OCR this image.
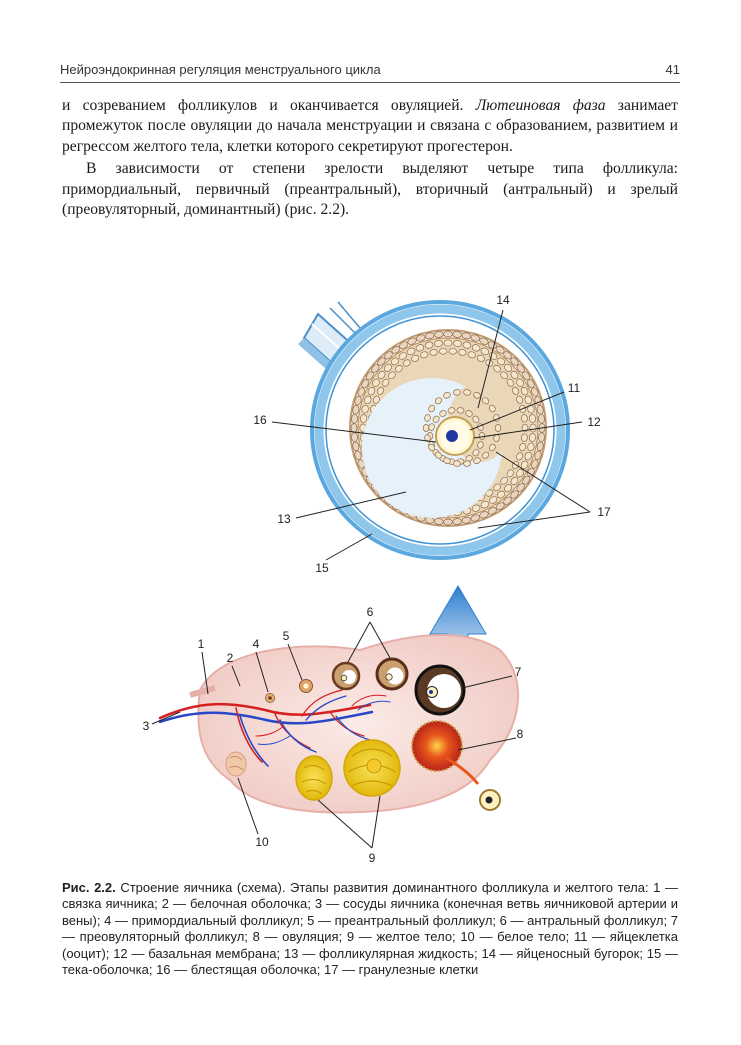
Нейроэндокринная регуляция менструального цикла	41

и созреванием фолликулов и оканчивается овуляцией. Лютеиновая фаза занимает промежуток после овуляции до начала менструации и связана с образованием, развитием и регрессом желтого тела, клетки которого секретируют прогестерон.

В зависимости от степени зрелости выделяют четыре типа фолликула: примордиальный, первичный (преантральный), вторичный (антральный) и зрелый (преовуляторный, доминантный) (рис. 2.2).

14
11
12
16
13
15
17
1
2
4
5
6
7
8
3
10
9
Рис. 2.2. Строение яичника (схема). Этапы развития доминантного фолликула и желтого тела: 1 — связка яичника; 2 — белочная оболочка; 3 — сосуды яичника (конечная ветвь яичниковой артерии и вены); 4 — примордиальный фолликул; 5 — преантральный фолликул; 6 — антральный фолликул; 7 — преовуляторный фолликул; 8 — овуляция; 9 — желтое тело; 10 — белое тело; 11 — яйцеклетка (ооцит); 12 — базальная мембрана; 13 — фолликулярная жидкость; 14 — яйценосный бугорок; 15 — тека-оболочка; 16 — блестящая оболочка; 17 — гранулезные клетки
